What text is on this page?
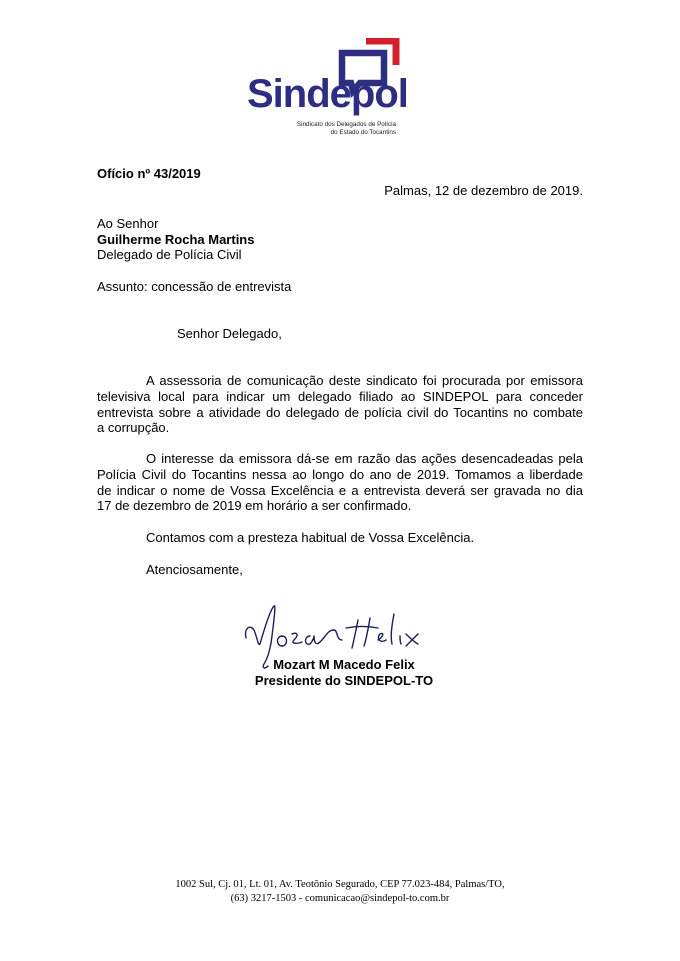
Sindepol
Sindicato dos Delegados de Polícia
do Estado do Tocantins
Ofício nº 43/2019
Palmas, 12 de dezembro de 2019.
Ao Senhor
Guilherme Rocha Martins
Delegado de Polícia Civil
Assunto: concessão de entrevista
Senhor Delegado,
A assessoria de comunicação deste sindicato foi procurada por emissora
televisiva local para indicar um delegado filiado ao SINDEPOL para conceder
entrevista sobre a atividade do delegado de polícia civil do Tocantins no combate
a corrupção.
O interesse da emissora dá-se em razão das ações desencadeadas pela
Polícia Civil do Tocantins nessa ao longo do ano de 2019. Tomamos a liberdade
de indicar o nome de Vossa Excelência e a entrevista deverá ser gravada no dia
17 de dezembro de 2019 em horário a ser confirmado.
Contamos com a presteza habitual de Vossa Excelência.
Atenciosamente,
Mozart M Macedo Felix
Presidente do SINDEPOL-TO
1002 Sul, Cj. 01, Lt. 01, Av. Teotônio Segurado, CEP 77.023-484, Palmas/TO,
(63) 3217-1503 - comunicacao@sindepol-to.com.br
